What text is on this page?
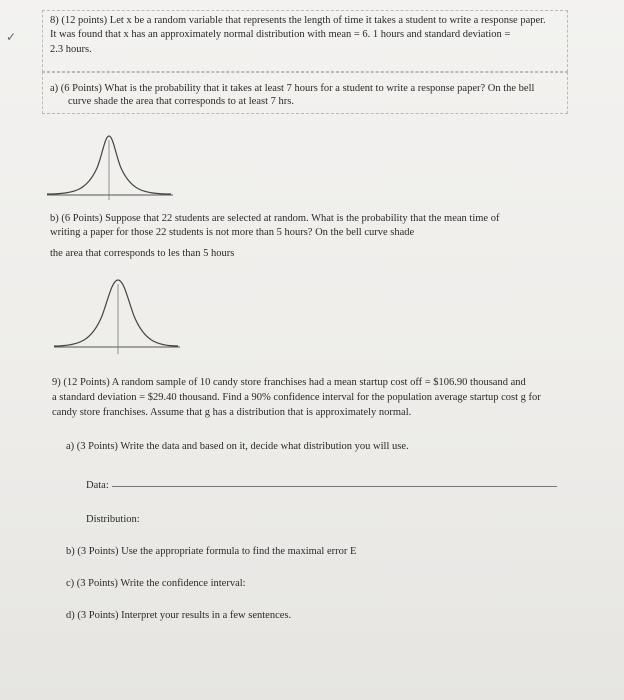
✓
8) (12 points) Let x be a random variable that represents the length of time it takes a student to write a response paper.
It was found that x has an approximately normal distribution with mean = 6. 1 hours and standard deviation =
2.3 hours.
a) (6 Points) What is the probability that it takes at least 7 hours for a student to write a response paper? On the bell
curve shade the area that corresponds to at least 7 hrs.
b) (6 Points) Suppose that 22 students are selected at random. What is the probability that the mean time of
writing a paper for those 22 students is not more than 5 hours? On the bell curve shade
the area that corresponds to les than 5 hours
9) (12 Points) A random sample of 10 candy store franchises had a mean startup cost off = $106.90 thousand and
a standard deviation = $29.40 thousand. Find a 90% confidence interval for the population average startup cost g for
candy store franchises. Assume that g has a distribution that is approximately normal.
a) (3 Points) Write the data and based on it, decide what distribution you will use.
Data:
Distribution:
b) (3 Points) Use the appropriate formula to find the maximal error E
c) (3 Points) Write the confidence interval:
d) (3 Points) Interpret your results in a few sentences.
